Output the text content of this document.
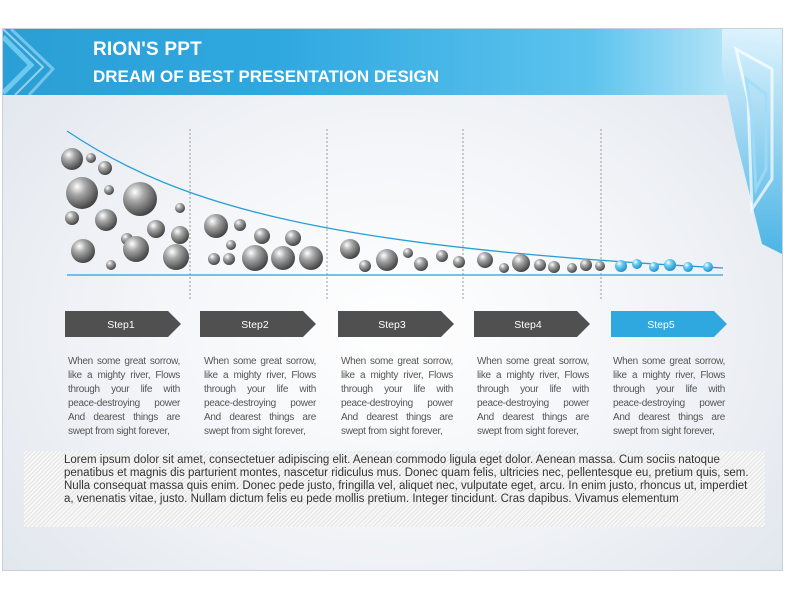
RION'S PPT
DREAM OF BEST PRESENTATION DESIGN
Step1	Step2	Step3	Step4	Step5
When some great sorrow, like a mighty river, Flows through your life with peace-destroying power And dearest things are swept from sight forever,
When some great sorrow, like a mighty river, Flows through your life with peace-destroying power And dearest things are swept from sight forever,
When some great sorrow, like a mighty river, Flows through your life with peace-destroying power And dearest things are swept from sight forever,
When some great sorrow, like a mighty river, Flows through your life with peace-destroying power And dearest things are swept from sight forever,
When some great sorrow, like a mighty river, Flows through your life with peace-destroying power And dearest things are swept from sight forever,
Lorem ipsum dolor sit amet, consectetuer adipiscing elit. Aenean commodo ligula eget dolor. Aenean massa. Cum sociis natoque penatibus et magnis dis parturient montes, nascetur ridiculus mus. Donec quam felis, ultricies nec, pellentesque eu, pretium quis, sem. Nulla consequat massa quis enim. Donec pede justo, fringilla vel, aliquet nec, vulputate eget, arcu. In enim justo, rhoncus ut, imperdiet a, venenatis vitae, justo. Nullam dictum felis eu pede mollis pretium. Integer tincidunt. Cras dapibus. Vivamus elementum
